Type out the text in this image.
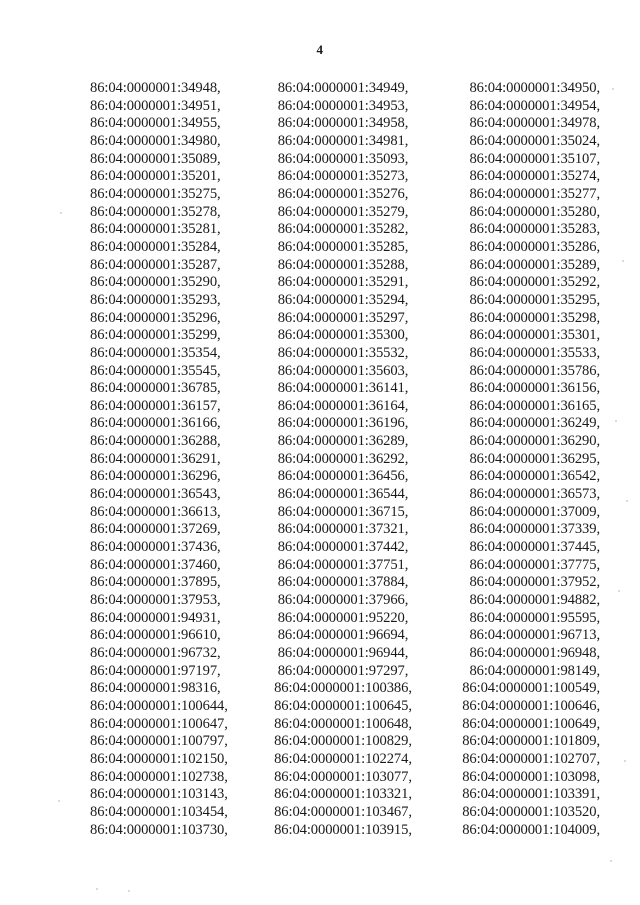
4
86:04:0000001:34948,	86:04:0000001:34949,	86:04:0000001:34950,
86:04:0000001:34951,	86:04:0000001:34953,	86:04:0000001:34954,
86:04:0000001:34955,	86:04:0000001:34958,	86:04:0000001:34978,
86:04:0000001:34980,	86:04:0000001:34981,	86:04:0000001:35024,
86:04:0000001:35089,	86:04:0000001:35093,	86:04:0000001:35107,
86:04:0000001:35201,	86:04:0000001:35273,	86:04:0000001:35274,
86:04:0000001:35275,	86:04:0000001:35276,	86:04:0000001:35277,
86:04:0000001:35278,	86:04:0000001:35279,	86:04:0000001:35280,
86:04:0000001:35281,	86:04:0000001:35282,	86:04:0000001:35283,
86:04:0000001:35284,	86:04:0000001:35285,	86:04:0000001:35286,
86:04:0000001:35287,	86:04:0000001:35288,	86:04:0000001:35289,
86:04:0000001:35290,	86:04:0000001:35291,	86:04:0000001:35292,
86:04:0000001:35293,	86:04:0000001:35294,	86:04:0000001:35295,
86:04:0000001:35296,	86:04:0000001:35297,	86:04:0000001:35298,
86:04:0000001:35299,	86:04:0000001:35300,	86:04:0000001:35301,
86:04:0000001:35354,	86:04:0000001:35532,	86:04:0000001:35533,
86:04:0000001:35545,	86:04:0000001:35603,	86:04:0000001:35786,
86:04:0000001:36785,	86:04:0000001:36141,	86:04:0000001:36156,
86:04:0000001:36157,	86:04:0000001:36164,	86:04:0000001:36165,
86:04:0000001:36166,	86:04:0000001:36196,	86:04:0000001:36249,
86:04:0000001:36288,	86:04:0000001:36289,	86:04:0000001:36290,
86:04:0000001:36291,	86:04:0000001:36292,	86:04:0000001:36295,
86:04:0000001:36296,	86:04:0000001:36456,	86:04:0000001:36542,
86:04:0000001:36543,	86:04:0000001:36544,	86:04:0000001:36573,
86:04:0000001:36613,	86:04:0000001:36715,	86:04:0000001:37009,
86:04:0000001:37269,	86:04:0000001:37321,	86:04:0000001:37339,
86:04:0000001:37436,	86:04:0000001:37442,	86:04:0000001:37445,
86:04:0000001:37460,	86:04:0000001:37751,	86:04:0000001:37775,
86:04:0000001:37895,	86:04:0000001:37884,	86:04:0000001:37952,
86:04:0000001:37953,	86:04:0000001:37966,	86:04:0000001:94882,
86:04:0000001:94931,	86:04:0000001:95220,	86:04:0000001:95595,
86:04:0000001:96610,	86:04:0000001:96694,	86:04:0000001:96713,
86:04:0000001:96732,	86:04:0000001:96944,	86:04:0000001:96948,
86:04:0000001:97197,	86:04:0000001:97297,	86:04:0000001:98149,
86:04:0000001:98316,	86:04:0000001:100386,	86:04:0000001:100549,
86:04:0000001:100644,	86:04:0000001:100645,	86:04:0000001:100646,
86:04:0000001:100647,	86:04:0000001:100648,	86:04:0000001:100649,
86:04:0000001:100797,	86:04:0000001:100829,	86:04:0000001:101809,
86:04:0000001:102150,	86:04:0000001:102274,	86:04:0000001:102707,
86:04:0000001:102738,	86:04:0000001:103077,	86:04:0000001:103098,
86:04:0000001:103143,	86:04:0000001:103321,	86:04:0000001:103391,
86:04:0000001:103454,	86:04:0000001:103467,	86:04:0000001:103520,
86:04:0000001:103730,	86:04:0000001:103915,	86:04:0000001:104009,
